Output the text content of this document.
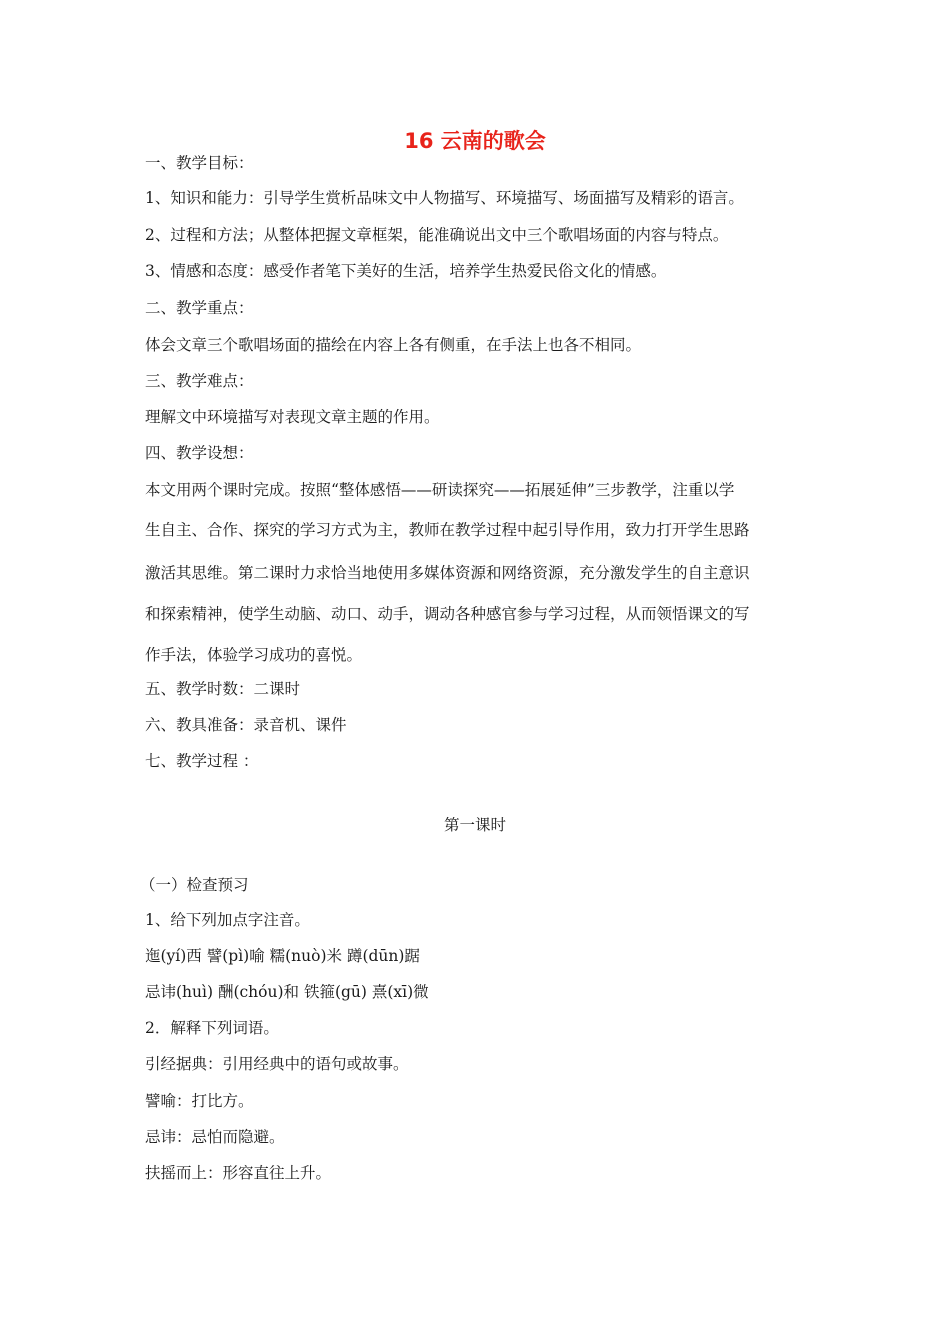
16 云南的歌会
一、教学目标：
1、知识和能力：引导学生赏析品味文中人物描写、环境描写、场面描写及精彩的语言。
2、过程和方法；从整体把握文章框架，能准确说出文中三个歌唱场面的内容与特点。
3、情感和态度：感受作者笔下美好的生活，培养学生热爱民俗文化的情感。
二、教学重点：
体会文章三个歌唱场面的描绘在内容上各有侧重，在手法上也各不相同。
三、教学难点：
理解文中环境描写对表现文章主题的作用。
四、教学设想：
本文用两个课时完成。按照“整体感悟——研读探究——拓展延伸”三步教学，注重以学
生自主、合作、探究的学习方式为主，教师在教学过程中起引导作用，致力打开学生思路
激活其思维。第二课时力求恰当地使用多媒体资源和网络资源，充分激发学生的自主意识
和探索精神，使学生动脑、动口、动手，调动各种感官参与学习过程，从而领悟课文的写
作手法，体验学习成功的喜悦。
五、教学时数：二课时
六、教具准备：录音机、课件
七、教学过程 ：
第一课时
（一）检查预习
1、给下列加点字注音。
迤(yí)西 譬(pì)喻 糯(nuò)米 蹲(dūn)踞
忌讳(huì) 酬(chóu)和 铁箍(gū) 熹(xī)微
2．解释下列词语。
引经据典：引用经典中的语句或故事。
譬喻：打比方。
忌讳：忌怕而隐避。
扶摇而上：形容直往上升。
